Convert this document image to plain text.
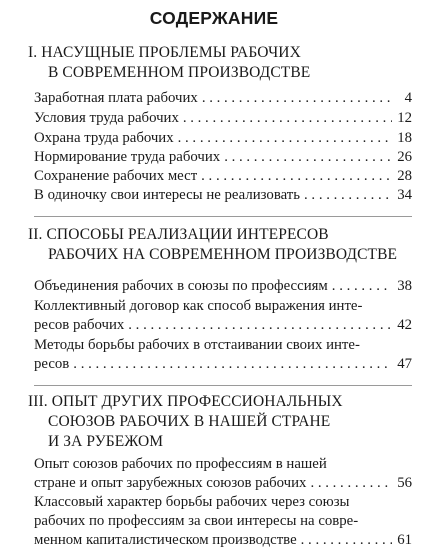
СОДЕРЖАНИЕ
I. НАСУЩНЫЕ ПРОБЛЕМЫ РАБОЧИХ
В СОВРЕМЕННОМ ПРОИЗВОДСТВЕ
Заработная плата рабочих . . .	4
Условия труда рабочих . . .	12
Охрана труда рабочих . . .	18
Нормирование труда рабочих . . .	26
Сохранение рабочих мест . . .	28
В одиночку свои интересы не реализовать . . .	34
II. СПОСОБЫ РЕАЛИЗАЦИИ ИНТЕРЕСОВ
РАБОЧИХ НА СОВРЕМЕННОМ ПРОИЗВОДСТВЕ
Объединения рабочих в союзы по профессиям . . .	38
Коллективный договор как способ выражения инте-
ресов рабочих . . .	42
Методы борьбы рабочих в отстаивании своих инте-
ресов . . .	47
III. ОПЫТ ДРУГИХ ПРОФЕССИОНАЛЬНЫХ
СОЮЗОВ РАБОЧИХ В НАШЕЙ СТРАНЕ
И ЗА РУБЕЖОМ
Опыт союзов рабочих по профессиям в нашей
стране и опыт зарубежных союзов рабочих . . .	56
Классовый характер борьбы рабочих через союзы
рабочих по профессиям за свои интересы на совре-
менном капиталистическом производстве . . .	61
